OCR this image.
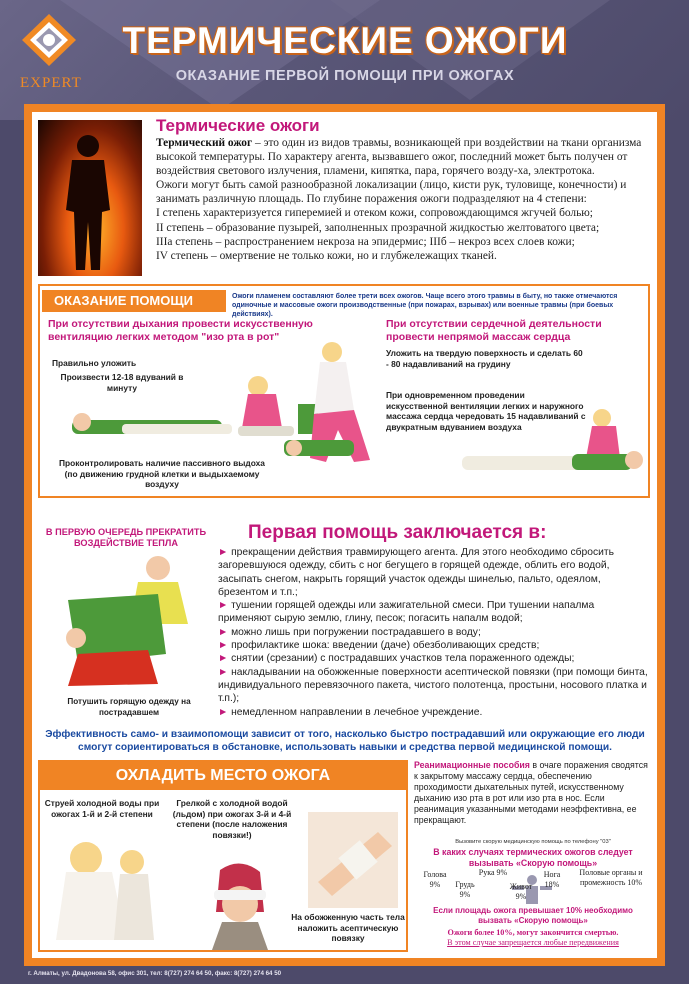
EXPERT
ТЕРМИЧЕСКИЕ ОЖОГИ
ОКАЗАНИЕ ПЕРВОЙ ПОМОЩИ ПРИ ОЖОГАХ
Термические ожоги
Термический ожог – это один из видов травмы, возникающей при воздействии на ткани организма высокой температуры. По характеру агента, вызвавшего ожог, последний может быть получен от воздействия светового излучения, пламени, кипятка, пара, горячего возду-ха, электротока.
Ожоги могут быть самой разнообразной локализации (лицо, кисти рук, туловище, конечности) и занимать различную площадь. По глубине поражения ожоги подразделяют на 4 степени:
I степень характеризуется гиперемией и отеком кожи, сопровождающимся жгучей болью;
II степень – образование пузырей, заполненных прозрачной жидкостью желтоватого цвета;
IIIa степень – распространением некроза на эпидермис; IIIб – некроз всех слоев кожи;
IV степень – омертвение не только кожи, но и глубжележащих тканей.
ОКАЗАНИЕ ПОМОЩИ	Ожоги пламенем составляют более трети всех ожогов. Чаще всего этого травмы в быту, но также отмечаются одиночные и массовые ожоги производственные (при пожарах, взрывах) или военные травмы (при боевых действиях).
При отсутствии дыхания провести искусственную вентиляцию легких методом "изо рта в рот"
Правильно уложить
Произвести 12-18 вдуваний в минуту
Проконтролировать наличие пассивного выдоха (по движению грудной клетки и выдыхаемому воздуху
При отсутствии сердечной деятельности провести непрямой массаж сердца
Уложить на твердую поверхность и сделать 60 - 80 надавливаний на грудину
При одновременном проведении искусственной вентиляции легких и наружного массажа сердца чередовать 15 надавливаний с двукратным вдуванием воздуха
В ПЕРВУЮ ОЧЕРЕДЬ ПРЕКРАТИТЬ ВОЗДЕЙСТВИЕ ТЕПЛА	Первая помощь заключается в:
► прекращении действия травмирующего агента. Для этого необходимо сбросить загоревшуюся одежду, сбить с ног бегущего в горящей одежде, облить его водой, засыпать снегом, накрыть горящий участок одежды шинелью, пальто, одеялом, брезентом и т.п.;
► тушении горящей одежды или зажигательной смеси. При тушении напалма применяют сырую землю, глину, песок; погасить напалм водой;
► можно лишь при погружении пострадавшего в воду;
► профилактике шока: введении (даче) обезболивающих средств;
► снятии (срезании) с пострадавших участков тела пораженного одежды;
► накладывании на обожженные поверхности асептической повязки (при помощи бинта, индивидуального перевязочного пакета, чистого полотенца, простыни, носового платка и т.п.);
► немедленном направлении в лечебное учреждение.
Потушить горящую одежду на пострадавшем
Эффективность само- и взаимопомощи зависит от того, насколько быстро пострадавший или окружающие его люди смогут сориентироваться в обстановке, использовать навыки и средства первой медицинской помощи.
ОХЛАДИТЬ МЕСТО ОЖОГА
Струей холодной воды при ожогах 1-й и 2-й степени
Грелкой с холодной водой (льдом) при ожогах 3-й и 4-й степени (после наложения повязки!)
На обожженную часть тела наложить асептическую повязку
Реанимационные пособия в очаге поражения сводятся к закрытому массажу сердца, обеспечению проходимости дыхательных путей, искусственному дыханию изо рта в рот или изо рта в нос. Если реанимация указанными методами неэффективна, ее прекращают.
Вызовите скорую медицинскую помощь по телефону "03"
В каких случаях термических ожогов следует вызывать «Скорую помощь»
Голова 9%
Рука 9%
Грудь 9%
Живот 9%
Нога 18%
Половые органы и промежность 10%
Если площадь ожога превышает 10% необходимо вызвать «Скорую помощь»
Ожоги более 10%, могут закончится смертью.
В этом случае запрещается любые передвижения
г. Алматы, ул. Двадонова 58, офис 301, тел: 8(727) 274 64 50, факс: 8(727) 274 64 50
